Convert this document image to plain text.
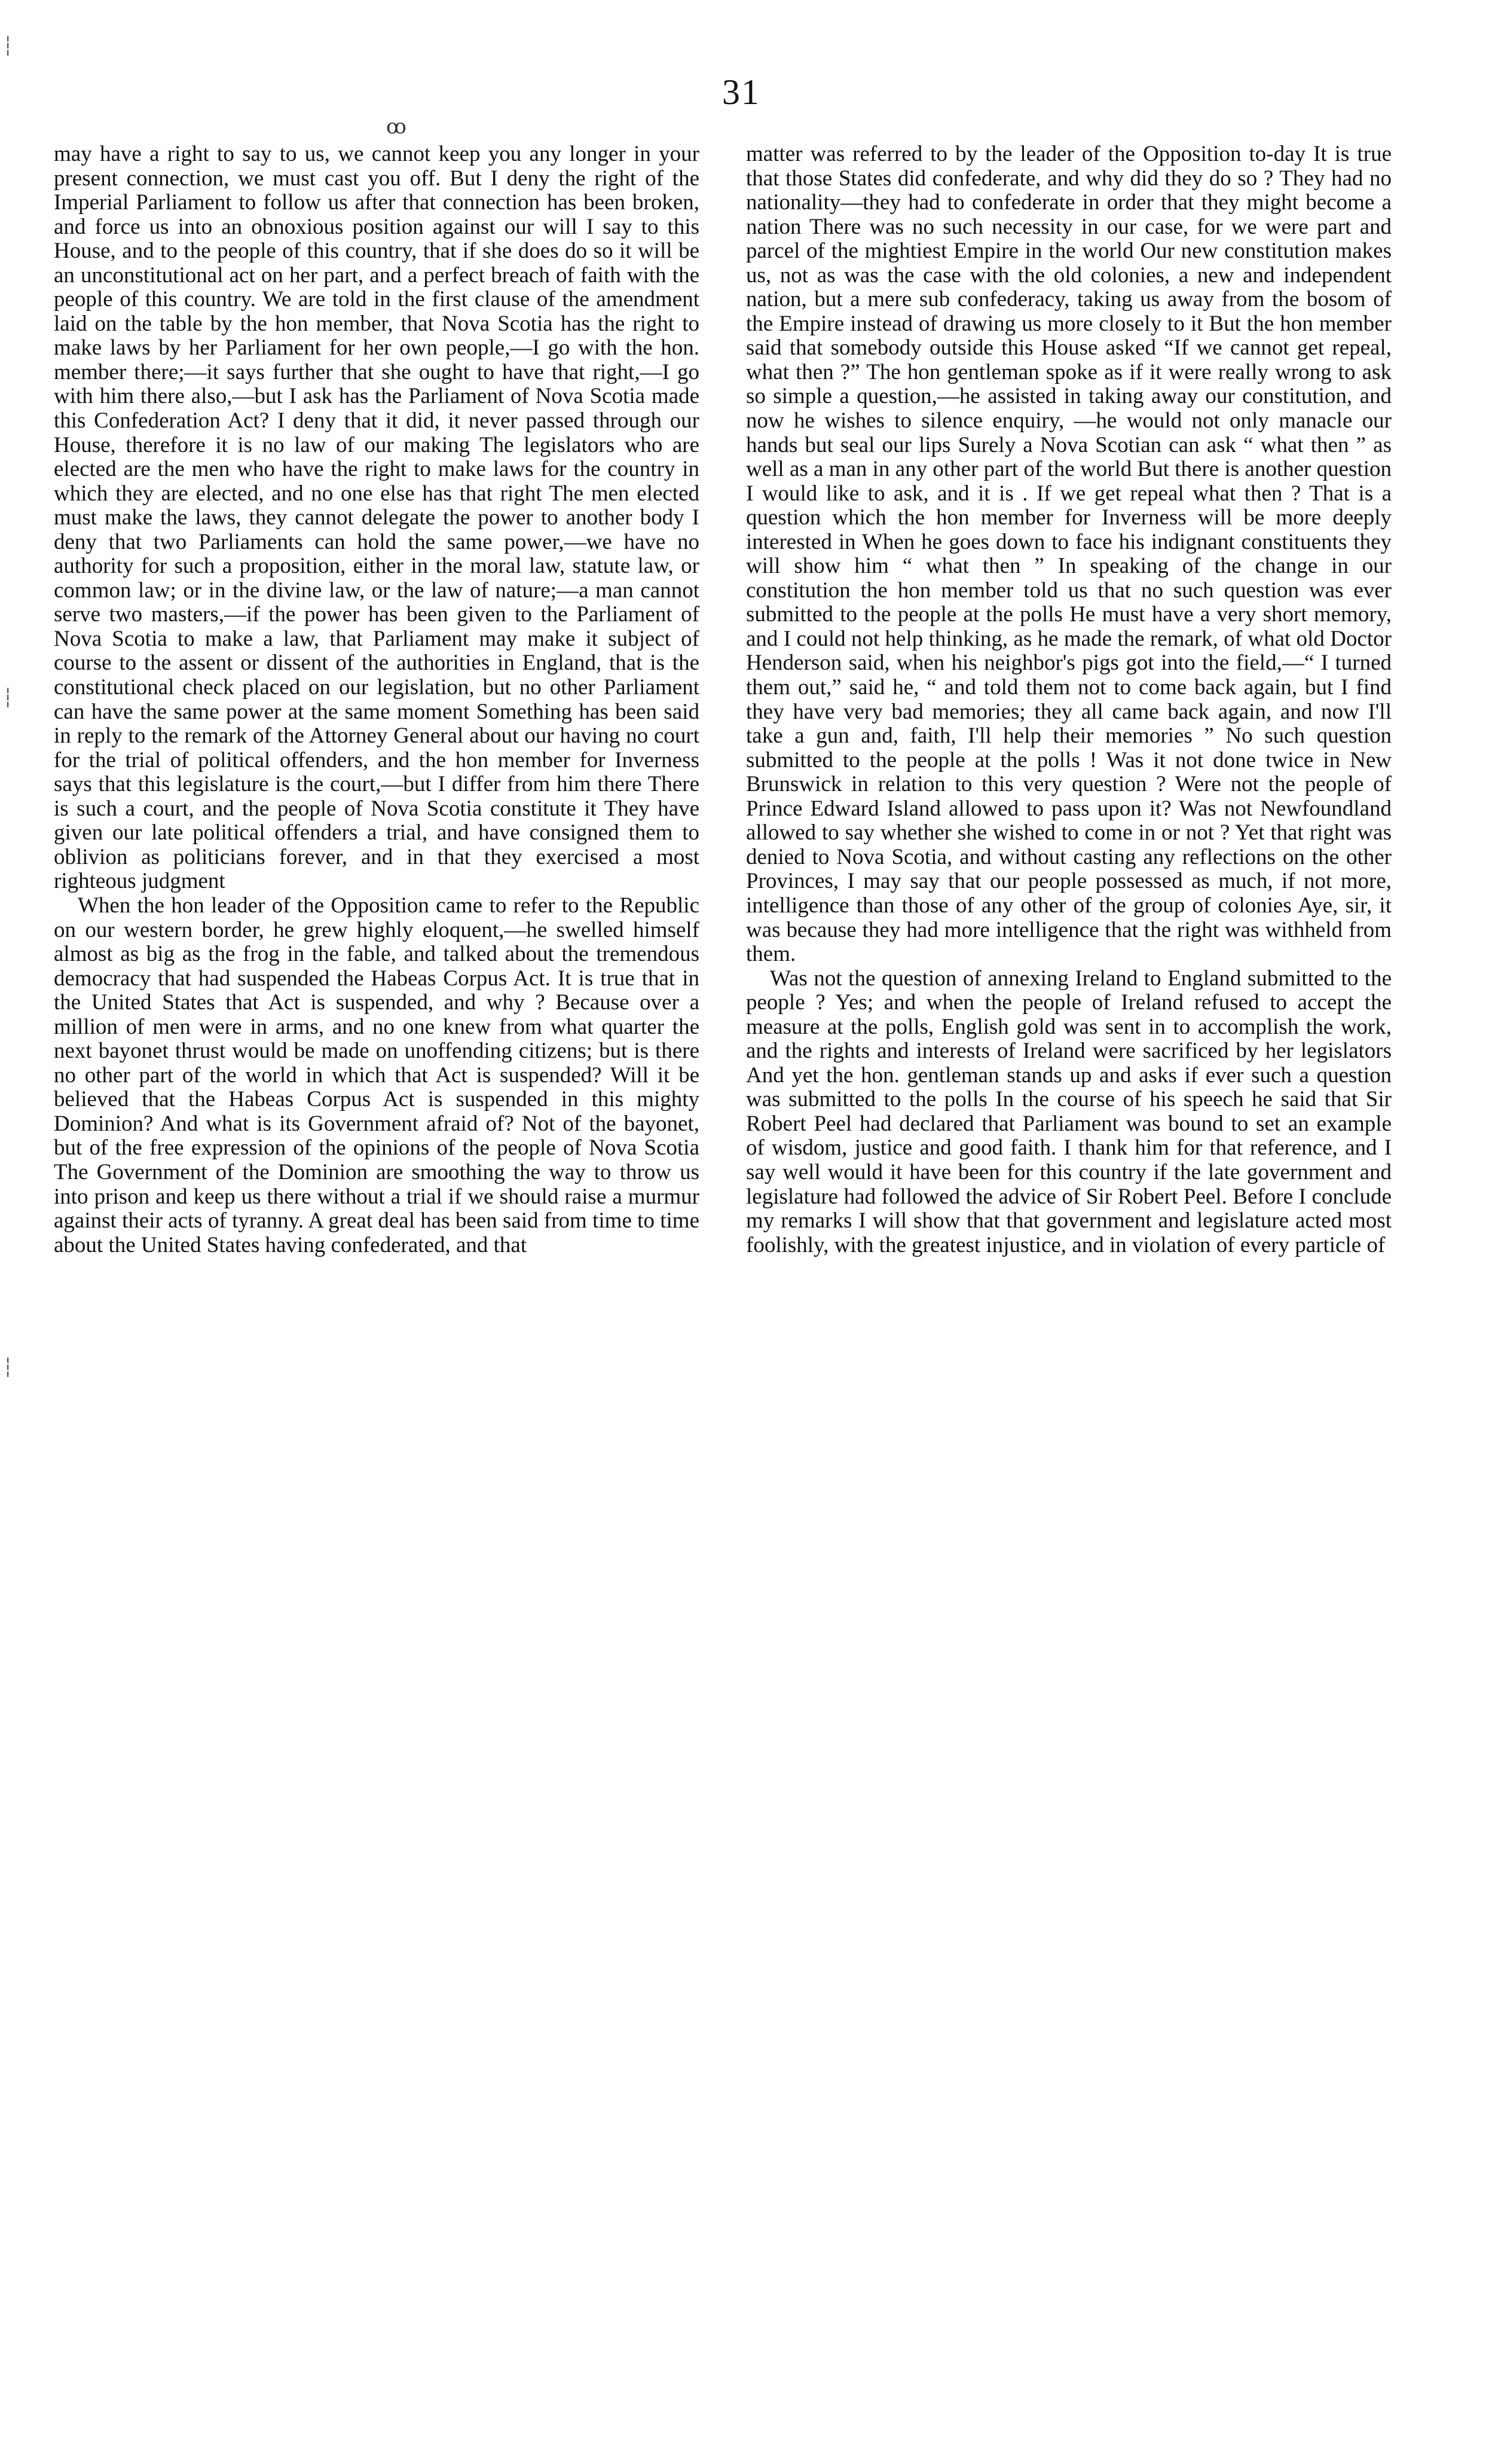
31
ꝏ
┆
┆
┆

may have a right to say to us, we cannot keep you any longer in your present connection, we must cast you off. But I deny the right of the Imperial Parliament to follow us after that connection has been broken, and force us into an obnoxious position against our will I say to this House, and to the people of this country, that if she does do so it will be an unconstitutional act on her part, and a perfect breach of faith with the people of this country. We are told in the first clause of the amendment laid on the table by the hon member, that Nova Scotia has the right to make laws by her Parliament for her own people,—I go with the hon. member there;—it says further that she ought to have that right,—I go with him there also,—but I ask has the Parliament of Nova Scotia made this Confederation Act? I deny that it did, it never passed through our House, therefore it is no law of our making The legislators who are elected are the men who have the right to make laws for the country in which they are elected, and no one else has that right The men elected must make the laws, they cannot delegate the power to another body I deny that two Parliaments can hold the same power,—we have no authority for such a proposition, either in the moral law, statute law, or common law; or in the divine law, or the law of nature;—a man cannot serve two masters,—if the power has been given to the Parliament of Nova Scotia to make a law, that Parliament may make it subject of course to the assent or dissent of the authorities in England, that is the constitutional check placed on our legislation, but no other Parliament can have the same power at the same moment Something has been said in reply to the remark of the Attorney General about our having no court for the trial of political offenders, and the hon member for Inverness says that this legislature is the court,—but I differ from him there There is such a court, and the people of Nova Scotia constitute it They have given our late political offenders a trial, and have consigned them to oblivion as politicians forever, and in that they exercised a most righteous judgment

When the hon leader of the Opposition came to refer to the Republic on our western border, he grew highly eloquent,—he swelled himself almost as big as the frog in the fable, and talked about the tremendous democracy that had suspended the Habeas Corpus Act. It is true that in the United States that Act is suspended, and why ? Because over a million of men were in arms, and no one knew from what quarter the next bayonet thrust would be made on unoffending citizens; but is there no other part of the world in which that Act is suspended? Will it be believed that the Habeas Corpus Act is suspended in this mighty Dominion? And what is its Government afraid of? Not of the bayonet, but of the free expression of the opinions of the people of Nova Scotia The Government of the Dominion are smoothing the way to throw us into prison and keep us there without a trial if we should raise a murmur against their acts of tyranny. A great deal has been said from time to time about the United States having confederated, and that

matter was referred to by the leader of the Opposition to-day It is true that those States did confederate, and why did they do so ? They had no nationality—they had to confederate in order that they might become a nation There was no such necessity in our case, for we were part and parcel of the mightiest Empire in the world Our new constitution makes us, not as was the case with the old colonies, a new and independent nation, but a mere sub confederacy, taking us away from the bosom of the Empire instead of drawing us more closely to it But the hon member said that somebody outside this House asked “If we cannot get repeal, what then ?” The hon gentleman spoke as if it were really wrong to ask so simple a question,—he assisted in taking away our constitution, and now he wishes to silence enquiry, —he would not only manacle our hands but seal our lips Surely a Nova Scotian can ask “ what then ” as well as a man in any other part of the world But there is another question I would like to ask, and it is . If we get repeal what then ? That is a question which the hon member for Inverness will be more deeply interested in When he goes down to face his indignant constituents they will show him “ what then ” In speaking of the change in our constitution the hon member told us that no such question was ever submitted to the people at the polls He must have a very short memory, and I could not help thinking, as he made the remark, of what old Doctor Henderson said, when his neighbor's pigs got into the field,—“ I turned them out,” said he, “ and told them not to come back again, but I find they have very bad memories; they all came back again, and now I'll take a gun and, faith, I'll help their memories ” No such question submitted to the people at the polls ! Was it not done twice in New Brunswick in relation to this very question ? Were not the people of Prince Edward Island allowed to pass upon it? Was not Newfoundland allowed to say whether she wished to come in or not ? Yet that right was denied to Nova Scotia, and without casting any reflections on the other Provinces, I may say that our people possessed as much, if not more, intelligence than those of any other of the group of colonies Aye, sir, it was because they had more intelligence that the right was withheld from them.

Was not the question of annexing Ireland to England submitted to the people ? Yes; and when the people of Ireland refused to accept the measure at the polls, English gold was sent in to accomplish the work, and the rights and interests of Ireland were sacrificed by her legislators And yet the hon. gentleman stands up and asks if ever such a question was submitted to the polls In the course of his speech he said that Sir Robert Peel had declared that Parliament was bound to set an example of wisdom, justice and good faith. I thank him for that reference, and I say well would it have been for this country if the late government and legislature had followed the advice of Sir Robert Peel. Before I conclude my remarks I will show that that government and legislature acted most foolishly, with the greatest injustice, and in violation of every particle of
